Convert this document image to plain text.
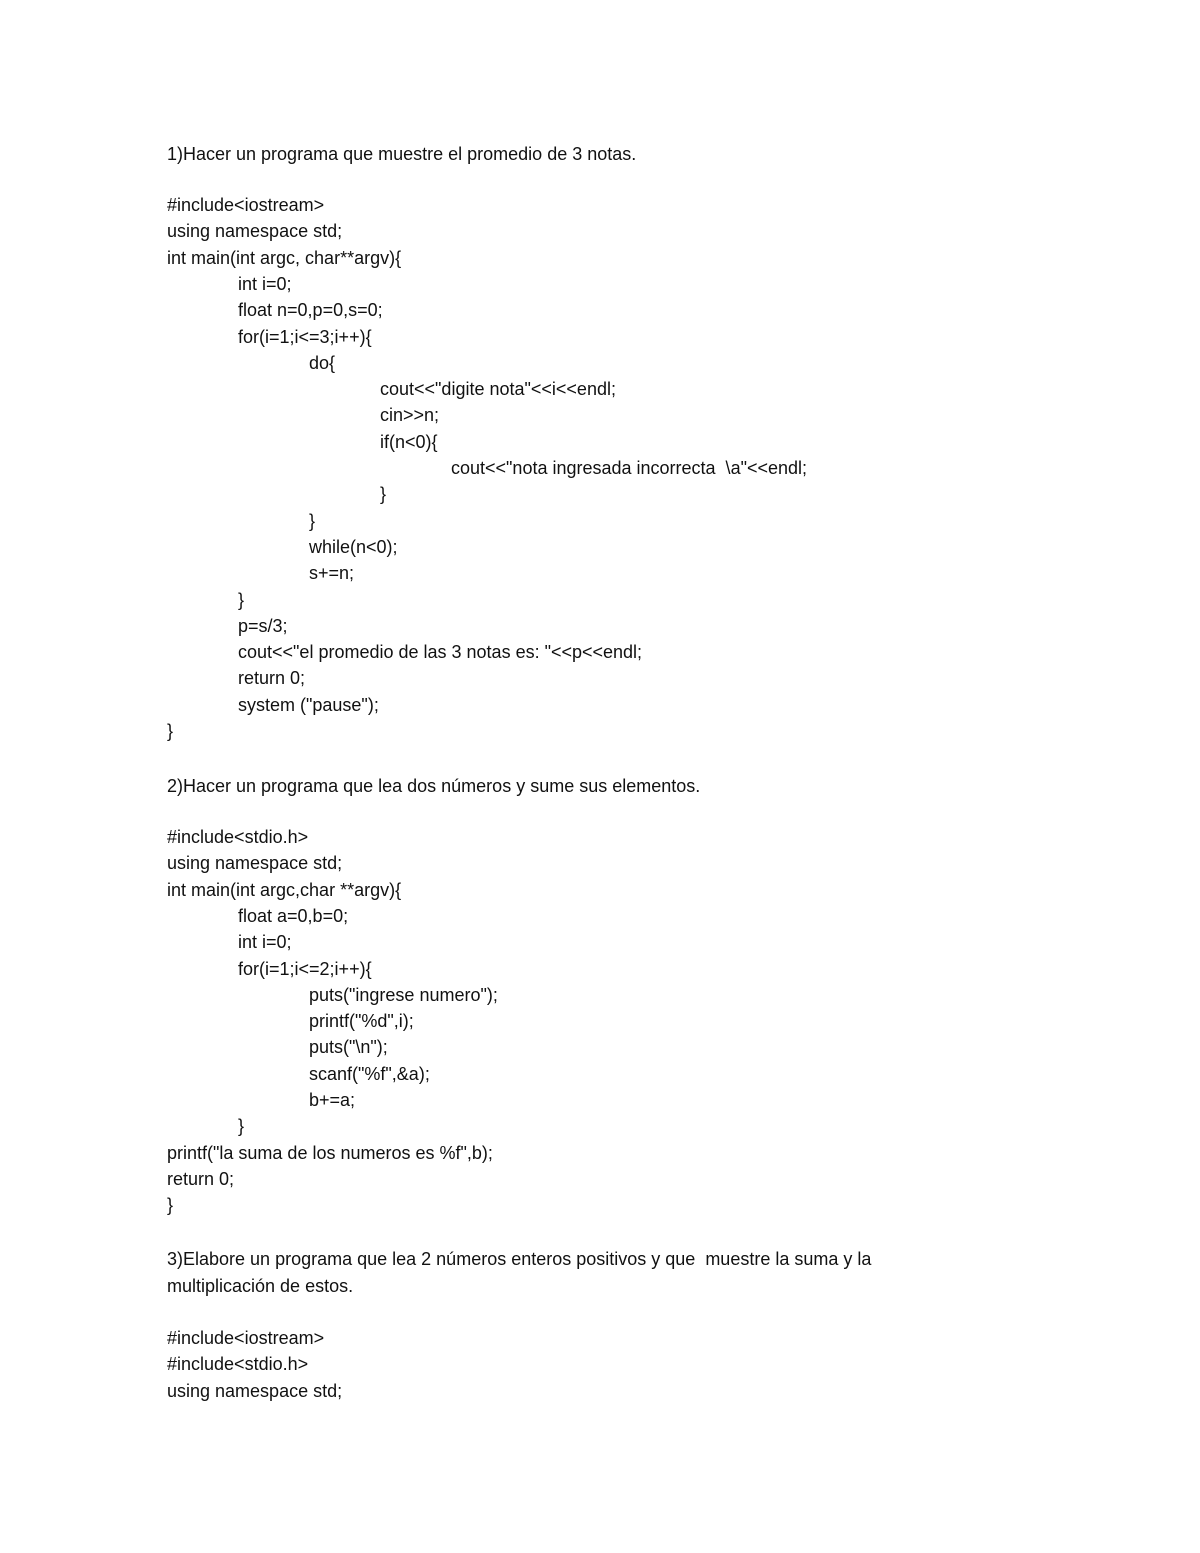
1)Hacer un programa que muestre el promedio de 3 notas.
#include<iostream>
using namespace std;
int main(int argc, char**argv){
int i=0;
float n=0,p=0,s=0;
for(i=1;i<=3;i++){
do{
cout<<"digite nota"<<i<<endl;
cin>>n;
if(n<0){
cout<<"nota ingresada incorrecta  \a"<<endl;
}
}
while(n<0);
s+=n;
}
p=s/3;
cout<<"el promedio de las 3 notas es: "<<p<<endl;
return 0;
system ("pause");
}
2)Hacer un programa que lea dos números y sume sus elementos.
#include<stdio.h>
using namespace std;
int main(int argc,char **argv){
float a=0,b=0;
int i=0;
for(i=1;i<=2;i++){
puts("ingrese numero");
printf("%d",i);
puts("\n");
scanf("%f",&a);
b+=a;
}
printf("la suma de los numeros es %f",b);
return 0;
}
3)Elabore un programa que lea 2 números enteros positivos y que  muestre la suma y la
multiplicación de estos.
#include<iostream>
#include<stdio.h>
using namespace std;
